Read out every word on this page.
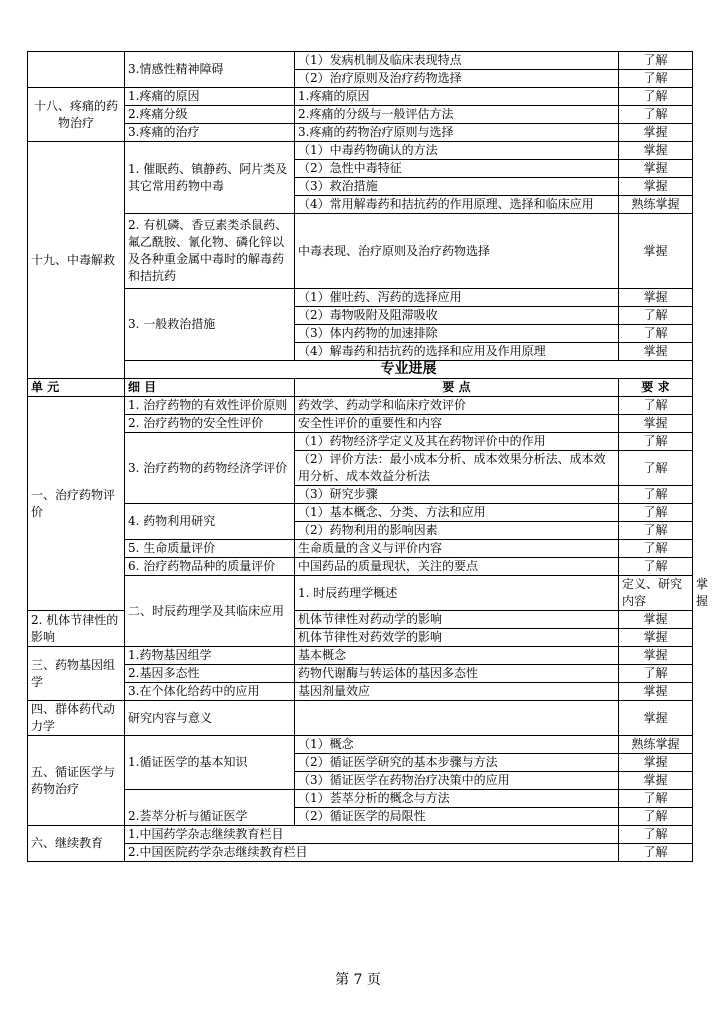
	3.情感性精神障碍	（1）发病机制及临床表现特点	了解	
		（2）治疗原则及治疗药物选择	了解	
十八、疼痛的药物治疗	1.疼痛的原因	1.疼痛的原因	了解	
	2.疼痛分级	2.疼痛的分级与一般评估方法	了解	
	3.疼痛的治疗	3.疼痛的药物治疗原则与选择	掌握	
十九、中毒解救	1. 催眠药、镇静药、阿片类及其它常用药物中毒	（1）中毒药物确认的方法	掌握	
		（2）急性中毒特征	掌握	
		（3）救治措施	掌握	
		（4）常用解毒药和拮抗药的作用原理、选择和临床应用	熟练掌握	
	2. 有机磷、香豆素类杀鼠药、氟乙酰胺、氰化物、磷化锌以及各种重金属中毒时的解毒药和拮抗药	中毒表现、治疗原则及治疗药物选择	掌握	
	3. 一般救治措施	（1）催吐药、泻药的选择应用	掌握	
		（2）毒物吸附及阻滞吸收	了解	
		（3）体内药物的加速排除	了解	
		（4）解毒药和拮抗药的选择和应用及作用原理	掌握	
	专业进展			
单 元	细 目	要 点	要 求	
一、治疗药物评价	1. 治疗药物的有效性评价原则	药效学、药动学和临床疗效评价	了解	
	2. 治疗药物的安全性评价	安全性评价的重要性和内容	掌握	
	3. 治疗药物的药物经济学评价	（1）药物经济学定义及其在药物评价中的作用	了解	
		（2）评价方法：最小成本分析、成本效果分析法、成本效用分析、成本效益分析法	了解	
		（3）研究步骤	了解	
	4. 药物利用研究	（1）基本概念、分类、方法和应用	了解	
		（2）药物利用的影响因素	了解	
	5. 生命质量评价	生命质量的含义与评价内容	了解	
	6. 治疗药物品种的质量评价	中国药品的质量现状，关注的要点	了解	
	二、时辰药理学及其临床应用	1. 时辰药理学概述	定义、研究内容	掌握
2. 机体节律性的影响		机体节律性对药动学的影响	掌握	
		机体节律性对药效学的影响	掌握	
三、药物基因组学	1.药物基因组学	基本概念	掌握	
	2.基因多态性	药物代谢酶与转运体的基因多态性	了解	
	3.在个体化给药中的应用	基因剂量效应	掌握	
四、群体药代动力学	研究内容与意义		掌握	
五、循证医学与药物治疗	1.循证医学的基本知识	（1）概念	熟练掌握	
		（2）循证医学研究的基本步骤与方法	掌握	
		（3）循证医学在药物治疗决策中的应用	掌握	
	2.荟萃分析与循证医学	（1）荟萃分析的概念与方法	了解	
		（2）循证医学的局限性	了解	
六、继续教育	1.中国药学杂志继续教育栏目		了解	
	2.中国医院药学杂志继续教育栏目		了解	
第 7 页
